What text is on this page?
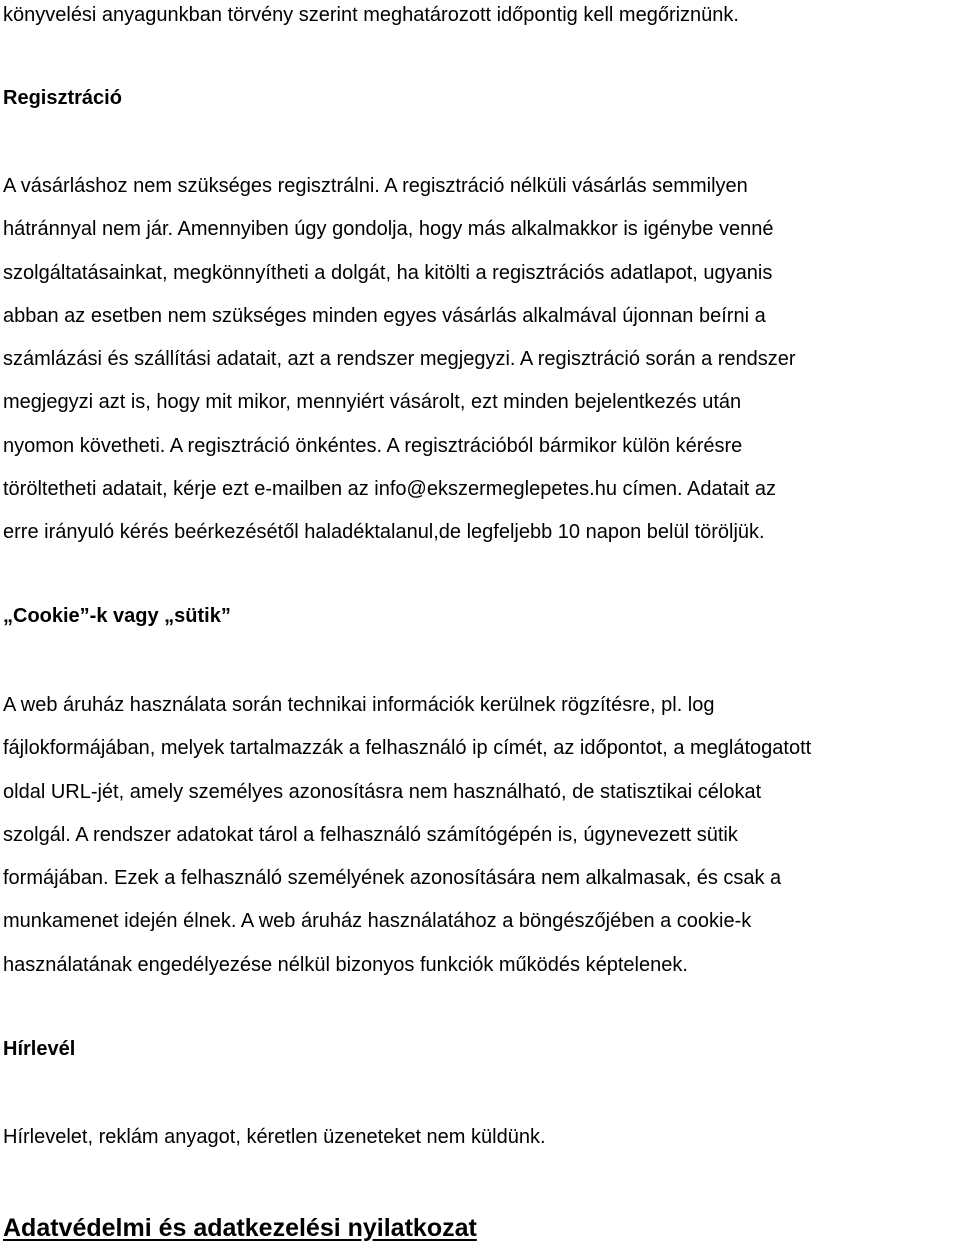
könyvelési anyagunkban törvény szerint meghatározott időpontig kell megőriznünk.
Regisztráció
A vásárláshoz nem szükséges regisztrálni. A regisztráció nélküli vásárlás semmilyen
hátránnyal nem jár. Amennyiben úgy gondolja, hogy más alkalmakkor is igénybe venné
szolgáltatásainkat, megkönnyítheti a dolgát, ha kitölti a regisztrációs adatlapot, ugyanis
abban az esetben nem szükséges minden egyes vásárlás alkalmával újonnan beírni a
számlázási és szállítási adatait, azt a rendszer megjegyzi. A regisztráció során a rendszer
megjegyzi azt is, hogy mit mikor, mennyiért vásárolt, ezt minden bejelentkezés után
nyomon követheti. A regisztráció önkéntes. A regisztrációból bármikor külön kérésre
töröltetheti adatait, kérje ezt e-mailben az info@ekszermeglepetes.hu címen. Adatait az
erre irányuló kérés beérkezésétől haladéktalanul,de legfeljebb 10 napon belül töröljük.
„Cookie”-k vagy „sütik”
A web áruház használata során technikai információk kerülnek rögzítésre, pl. log
fájlokformájában, melyek tartalmazzák a felhasználó ip címét, az időpontot, a meglátogatott
oldal URL-jét, amely személyes azonosításra nem használható, de statisztikai célokat
szolgál. A rendszer adatokat tárol a felhasználó számítógépén is, úgynevezett sütik
formájában. Ezek a felhasználó személyének azonosítására nem alkalmasak, és csak a
munkamenet idején élnek. A web áruház használatához a böngészőjében a cookie-k
használatának engedélyezése nélkül bizonyos funkciók működés képtelenek.
Hírlevél
Hírlevelet, reklám anyagot, kéretlen üzeneteket nem küldünk.
Adatvédelmi és adatkezelési nyilatkozat
